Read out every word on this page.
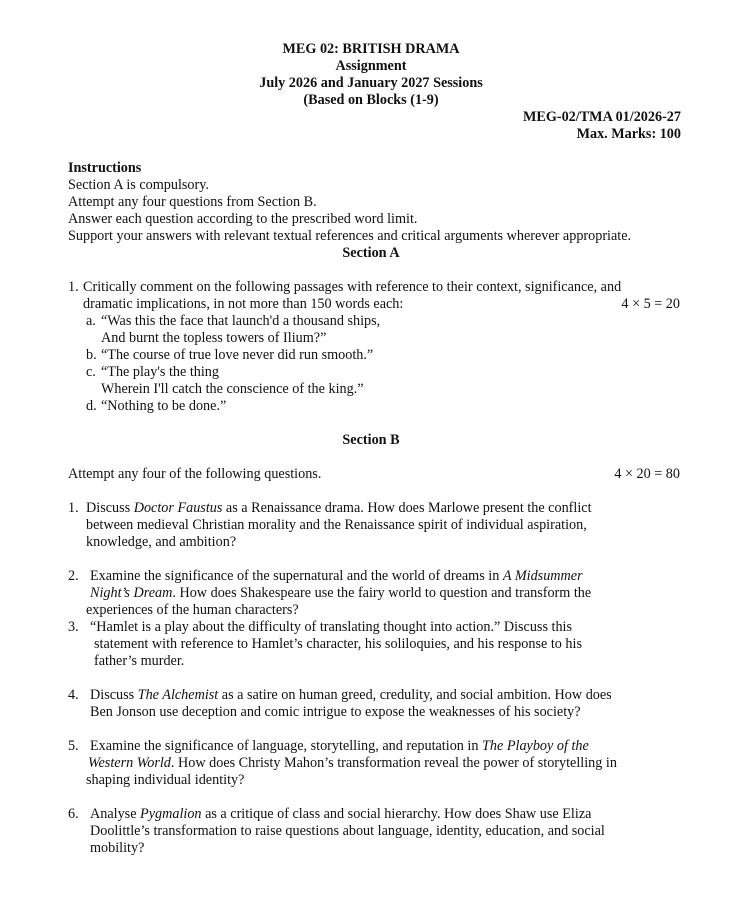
MEG 02: BRITISH DRAMA
Assignment
July 2026 and January 2027 Sessions
(Based on Blocks (1-9)
MEG-02/TMA 01/2026-27
Max. Marks: 100
Instructions
Section A is compulsory.
Attempt any four questions from Section B.
Answer each question according to the prescribed word limit.
Support your answers with relevant textual references and critical arguments wherever appropriate.
Section A
1. Critically comment on the following passages with reference to their context, significance, and
dramatic implications, in not more than 150 words each:	4 × 5 = 20
a. “Was this the face that launch'd a thousand ships,
And burnt the topless towers of Ilium?”
b. “The course of true love never did run smooth.”
c. “The play's the thing
Wherein I'll catch the conscience of the king.”
d. “Nothing to be done.”
Section B
Attempt any four of the following questions.	4 × 20 = 80
1. Discuss Doctor Faustus as a Renaissance drama. How does Marlowe present the conflict
between medieval Christian morality and the Renaissance spirit of individual aspiration,
knowledge, and ambition?
2. Examine the significance of the supernatural and the world of dreams in A Midsummer
Night’s Dream. How does Shakespeare use the fairy world to question and transform the
experiences of the human characters?
3. “Hamlet is a play about the difficulty of translating thought into action.” Discuss this
statement with reference to Hamlet’s character, his soliloquies, and his response to his
father’s murder.
4. Discuss The Alchemist as a satire on human greed, credulity, and social ambition. How does
Ben Jonson use deception and comic intrigue to expose the weaknesses of his society?
5. Examine the significance of language, storytelling, and reputation in The Playboy of the
Western World. How does Christy Mahon’s transformation reveal the power of storytelling in
shaping individual identity?
6. Analyse Pygmalion as a critique of class and social hierarchy. How does Shaw use Eliza
Doolittle’s transformation to raise questions about language, identity, education, and social
mobility?
